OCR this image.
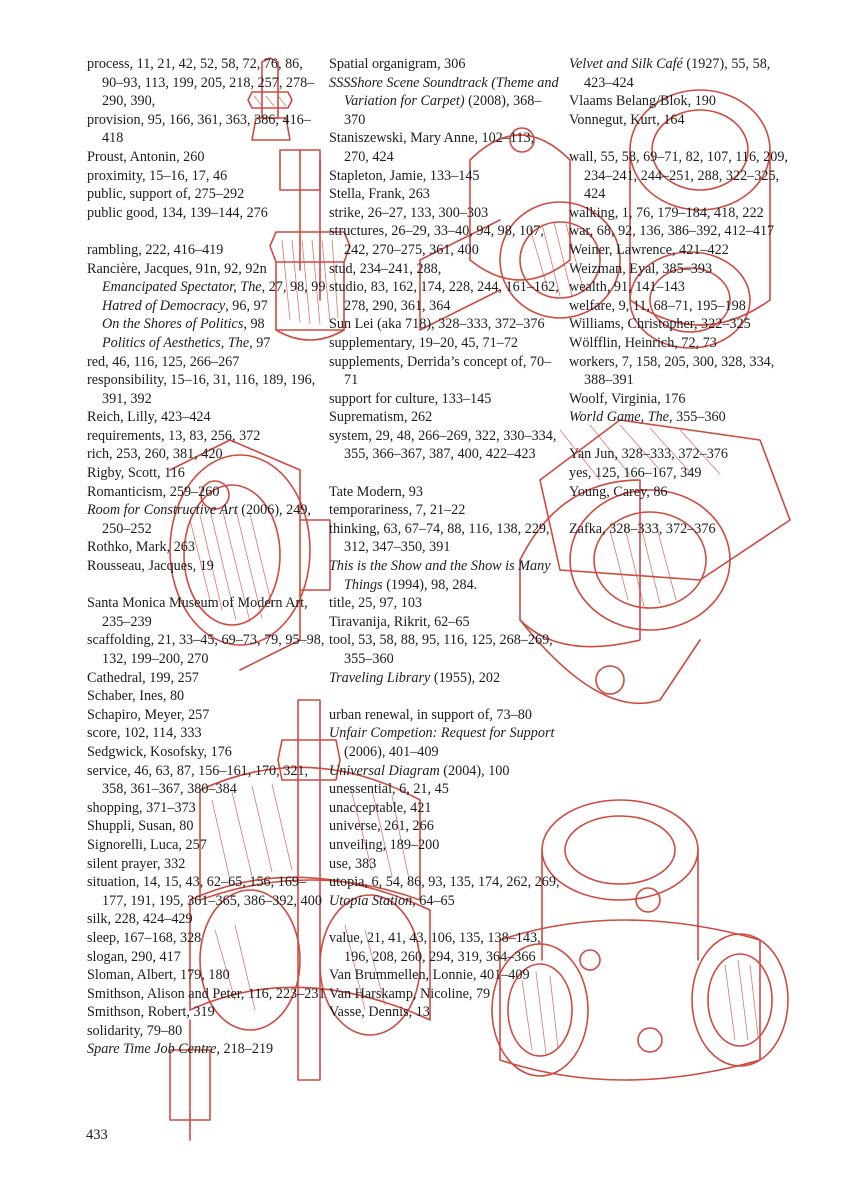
process, 11, 21, 42, 52, 58, 72, 76, 86, 90–93, 113, 199, 205, 218, 257, 278–290, 390,
provision, 95, 166, 361, 363, 386, 416–418
Proust, Antonin, 260
proximity, 15–16, 17, 46
public, support of, 275–292
public good, 134, 139–144, 276
rambling, 222, 416–419
Rancière, Jacques, 91n, 92, 92n
Emancipated Spectator, The, 27, 98, 99
Hatred of Democracy, 96, 97
On the Shores of Politics, 98
Politics of Aesthetics, The, 97
red, 46, 116, 125, 266–267
responsibility, 15–16, 31, 116, 189, 196, 391, 392
Reich, Lilly, 423–424
requirements, 13, 83, 256, 372
rich, 253, 260, 381, 420
Rigby, Scott, 116
Romanticism, 259–260
Room for Constructive Art (2006), 249, 250–252
Rothko, Mark, 263
Rousseau, Jacques, 19
Santa Monica Museum of Modern Art, 235–239
scaffolding, 21, 33–45, 69–73, 79, 95–98, 132, 199–200, 270
Cathedral, 199, 257
Schaber, Ines, 80
Schapiro, Meyer, 257
score, 102, 114, 333
Sedgwick, Kosofsky, 176
service, 46, 63, 87, 156–161, 170, 321, 358, 361–367, 380–384
shopping, 371–373
Shuppli, Susan, 80
Signorelli, Luca, 257
silent prayer, 332
situation, 14, 15, 43, 62–65, 156, 169–177, 191, 195, 361–365, 386–392, 400
silk, 228, 424–429
sleep, 167–168, 328
slogan, 290, 417
Sloman, Albert, 179, 180
Smithson, Alison and Peter, 116, 223–231
Smithson, Robert, 319
solidarity, 79–80
Spare Time Job Centre, 218–219
Spatial organigram, 306
SSSShore Scene Soundtrack (Theme and Variation for Carpet) (2008), 368–370
Staniszewski, Mary Anne, 102–113, 270, 424
Stapleton, Jamie, 133–145
Stella, Frank, 263
strike, 26–27, 133, 300–303
structures, 26–29, 33–40, 94, 98, 107, 242, 270–275, 361, 400
stud, 234–241, 288,
studio, 83, 162, 174, 228, 244, 161–162, 278, 290, 361, 364
Sun Lei (aka 718), 328–333, 372–376
supplementary, 19–20, 45, 71–72
supplements, Derrida’s concept of, 70–71
support for culture, 133–145
Suprematism, 262
system, 29, 48, 266–269, 322, 330–334, 355, 366–367, 387, 400, 422–423
Tate Modern, 93
temporariness, 7, 21–22
thinking, 63, 67–74, 88, 116, 138, 229, 312, 347–350, 391
This is the Show and the Show is Many Things (1994), 98, 284.
title, 25, 97, 103
Tiravanija, Rikrit, 62–65
tool, 53, 58, 88, 95, 116, 125, 268–269, 355–360
Traveling Library (1955), 202
urban renewal, in support of, 73–80
Unfair Competion: Request for Support (2006), 401–409
Universal Diagram (2004), 100
unessential, 6, 21, 45
unacceptable, 421
universe, 261, 266
unveiling, 189–200
use, 383
utopia, 6, 54, 86, 93, 135, 174, 262, 269,
Utopia Station, 64–65
value, 21, 41, 43, 106, 135, 138–143, 196, 208, 260, 294, 319, 364–366
Van Brummellen, Lonnie, 401–409
Van Harskamp, Nicoline, 79
Vasse, Dennis, 13
Velvet and Silk Café (1927), 55, 58, 423–424
Vlaams Belang/Blok, 190
Vonnegut, Kurt, 164
wall, 55, 58, 69–71, 82, 107, 116, 209, 234–241, 244–251, 288, 322–325, 424
walking, 1, 76, 179–184, 418, 222
war, 68, 92, 136, 386–392, 412–417
Weiner, Lawrence, 421–422
Weizman, Eyal, 385–393
wealth, 91, 141–143
welfare, 9, 11, 68–71, 195–198
Williams, Christopher, 322–325
Wölfflin, Heinrich, 72, 73
workers, 7, 158, 205, 300, 328, 334, 388–391
Woolf, Virginia, 176
World Game, The, 355–360
Yan Jun, 328–333, 372–376
yes, 125, 166–167, 349
Young, Carey, 86
Zafka, 328–333, 372–376
433
